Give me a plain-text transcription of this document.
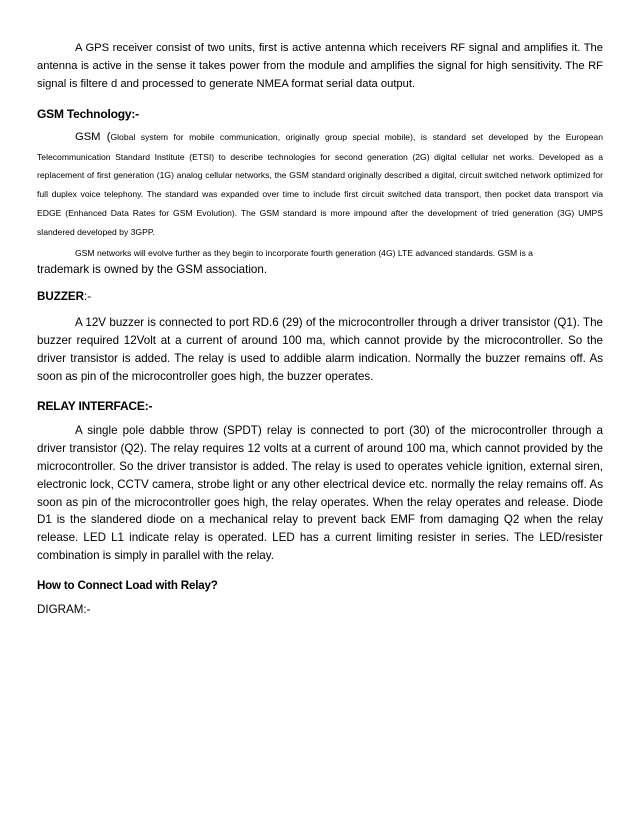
A GPS receiver consist of two units, first is active antenna which receivers RF signal and amplifies it. The antenna is active in the sense it takes power from the module and amplifies the signal for high sensitivity. The RF signal is filtere d and processed to generate NMEA format serial data output.

GSM Technology:-

GSM (Global system for mobile communication, originally group special mobile), is standard set developed by the European Telecommunication Standard Institute (ETSI) to describe technologies for second generation (2G) digital cellular net works. Developed as a replacement of first generation (1G) analog cellular networks, the GSM standard originally described a digital, circuit switched network optimized for full duplex voice telephony. The standard was expanded over time to include first circuit switched data transport, then pocket data transport via EDGE (Enhanced Data Rates for GSM Evolution). The GSM standard is more impound after the development of tried generation (3G) UMPS slandered developed by 3GPP.

GSM networks will evolve further as they begin to incorporate fourth generation (4G) LTE advanced standards. GSM is a

trademark is owned by the GSM association.

BUZZER:-

A 12V buzzer is connected to port RD.6 (29) of the microcontroller through a driver transistor (Q1). The buzzer required 12Volt at a current of around 100 ma, which cannot provide by the microcontroller. So the driver transistor is added. The relay is used to addible alarm indication. Normally the buzzer remains off. As soon as pin of the microcontroller goes high, the buzzer operates.

RELAY INTERFACE:-

A single pole dabble throw (SPDT) relay is connected to port (30) of the microcontroller through a driver transistor (Q2). The relay requires 12 volts at a current of around 100 ma, which cannot provided by the microcontroller. So the driver transistor is added. The relay is used to operates vehicle ignition, external siren, electronic lock, CCTV camera, strobe light or any other electrical device etc. normally the relay remains off. As soon as pin of the microcontroller goes high, the relay operates. When the relay operates and release. Diode D1 is the slandered diode on a mechanical relay to prevent back EMF from damaging Q2 when the relay release. LED L1 indicate relay is operated. LED has a current limiting resister in series. The LED/resister combination is simply in parallel with the relay.

How to Connect Load with Relay?

DIGRAM:-
